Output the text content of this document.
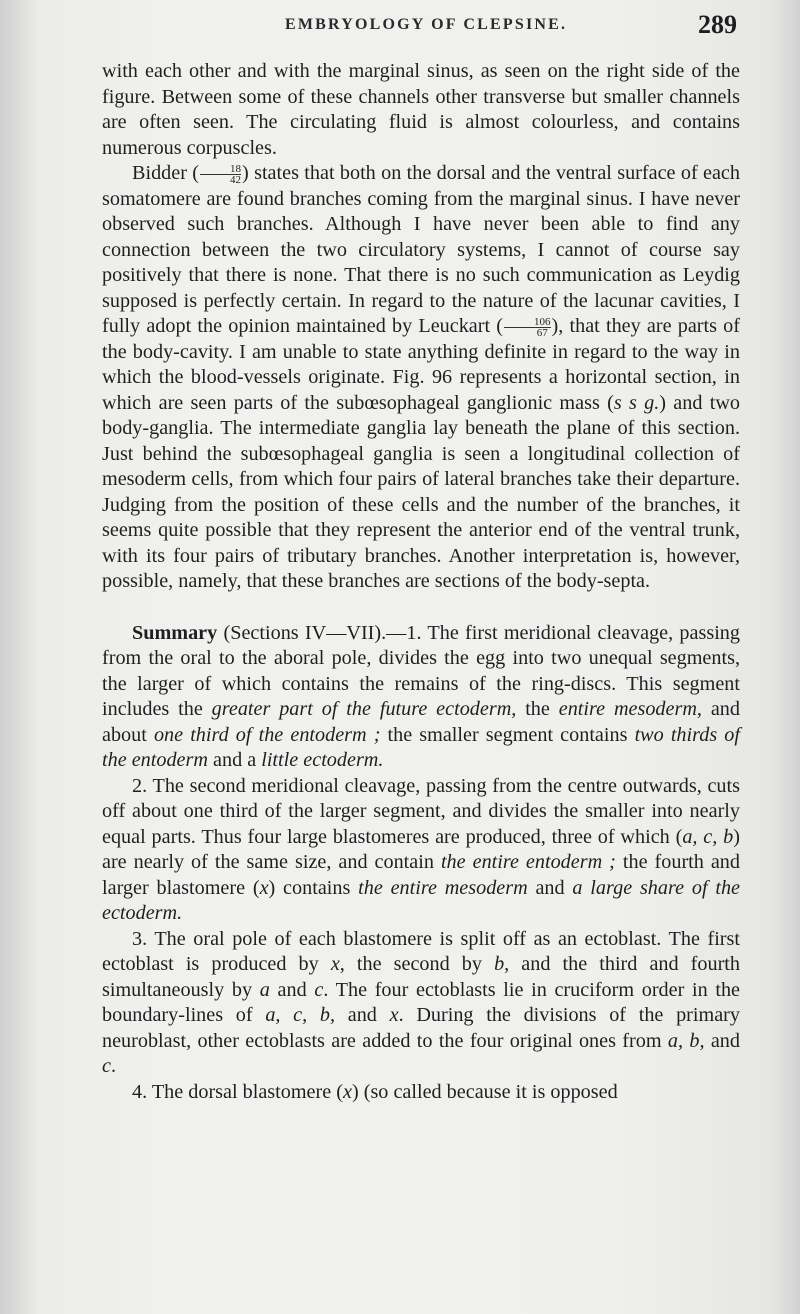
EMBRYOLOGY OF CLEPSINE.	289

with each other and with the marginal sinus, as seen on the right side of the figure. Between some of these channels other transverse but smaller channels are often seen. The circulating fluid is almost colourless, and contains numerous corpuscles.

Bidder ( $\frac{18}{42}$ ) states that both on the dorsal and the ventral surface of each somatomere are found branches coming from the marginal sinus. I have never observed such branches. Although I have never been able to find any connection between the two circulatory systems, I cannot of course say positively that there is none. That there is no such communication as Leydig supposed is perfectly certain. In regard to the nature of the lacunar cavities, I fully adopt the opinion maintained by Leuckart ( $\frac{106}{67}$ ), that they are parts of the body-cavity. I am unable to state anything definite in regard to the way in which the blood-vessels originate. Fig. 96 represents a horizontal section, in which are seen parts of the subœsophageal ganglionic mass (s s g.) and two body-ganglia. The intermediate ganglia lay beneath the plane of this section. Just behind the subœsophageal ganglia is seen a longitudinal collection of mesoderm cells, from which four pairs of lateral branches take their departure. Judging from the position of these cells and the number of the branches, it seems quite possible that they represent the anterior end of the ventral trunk, with its four pairs of tributary branches. Another interpretation is, however, possible, namely, that these branches are sections of the body-septa.

Summary (Sections IV—VII).—1. The first meridional cleavage, passing from the oral to the aboral pole, divides the egg into two unequal segments, the larger of which contains the remains of the ring-discs. This segment includes the greater part of the future ectoderm, the entire mesoderm, and about one third of the entoderm ; the smaller segment contains two thirds of the entoderm and a little ectoderm.

2. The second meridional cleavage, passing from the centre outwards, cuts off about one third of the larger segment, and divides the smaller into nearly equal parts. Thus four large blastomeres are produced, three of which (a, c, b) are nearly of the same size, and contain the entire entoderm ; the fourth and larger blastomere (x) contains the entire mesoderm and a large share of the ectoderm.

3. The oral pole of each blastomere is split off as an ectoblast. The first ectoblast is produced by x, the second by b, and the third and fourth simultaneously by a and c. The four ectoblasts lie in cruciform order in the boundary-lines of a, c, b, and x. During the divisions of the primary neuroblast, other ectoblasts are added to the four original ones from a, b, and c.

4. The dorsal blastomere (x) (so called because it is opposed
